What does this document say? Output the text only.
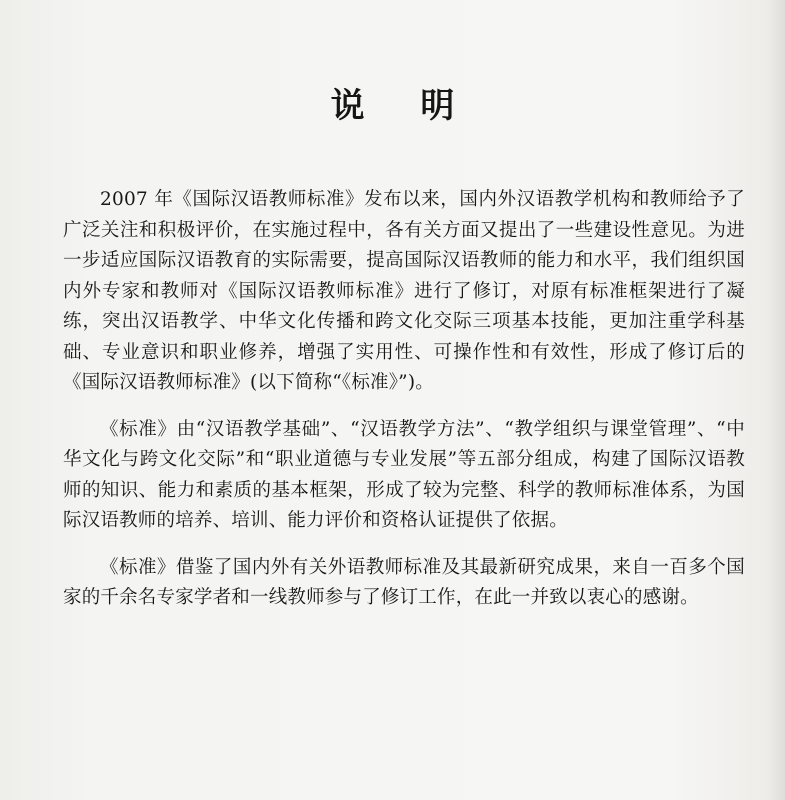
说 明

2007 年《国际汉语教师标准》发布以来，国内外汉语教学机构和教师给予了广泛关注和积极评价，在实施过程中，各有关方面又提出了一些建设性意见。为进一步适应国际汉语教育的实际需要，提高国际汉语教师的能力和水平，我们组织国内外专家和教师对《国际汉语教师标准》进行了修订，对原有标准框架进行了凝练，突出汉语教学、中华文化传播和跨文化交际三项基本技能，更加注重学科基础、专业意识和职业修养，增强了实用性、可操作性和有效性，形成了修订后的《国际汉语教师标准》(以下简称“《标准》”)。

《标准》由“汉语教学基础”、“汉语教学方法”、“教学组织与课堂管理”、“中华文化与跨文化交际”和“职业道德与专业发展”等五部分组成，构建了国际汉语教师的知识、能力和素质的基本框架，形成了较为完整、科学的教师标准体系，为国际汉语教师的培养、培训、能力评价和资格认证提供了依据。

《标准》借鉴了国内外有关外语教师标准及其最新研究成果，来自一百多个国家的千余名专家学者和一线教师参与了修订工作，在此一并致以衷心的感谢。
